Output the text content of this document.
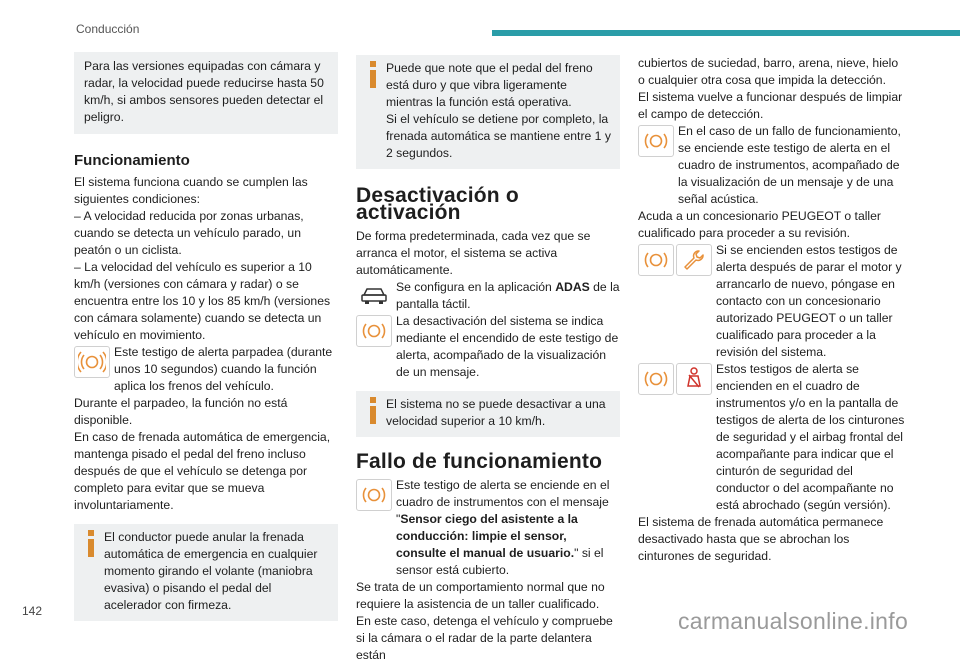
Conducción

Para las versiones equipadas con cámara y radar, la velocidad puede reducirse hasta 50 km/h, si ambos sensores pueden detectar el peligro.

Funcionamiento

El sistema funciona cuando se cumplen las siguientes condiciones:

– A velocidad reducida por zonas urbanas, cuando se detecta un vehículo parado, un peatón o un ciclista.

– La velocidad del vehículo es superior a 10 km/h (versiones con cámara y radar) o se encuentra entre los 10 y los 85 km/h (versiones con cámara solamente) cuando se detecta un vehículo en movimiento.

Este testigo de alerta parpadea (durante unos 10 segundos) cuando la función aplica los frenos del vehículo.

Durante el parpadeo, la función no está disponible.

En caso de frenada automática de emergencia, mantenga pisado el pedal del freno incluso después de que el vehículo se detenga por completo para evitar que se mueva involuntariamente.

El conductor puede anular la frenada automática de emergencia en cualquier momento girando el volante (maniobra evasiva) o pisando el pedal del acelerador con firmeza.

Puede que note que el pedal del freno está duro y que vibra ligeramente mientras la función está operativa.

Si el vehículo se detiene por completo, la frenada automática se mantiene entre 1 y 2 segundos.

Desactivación o activación

De forma predeterminada, cada vez que se arranca el motor, el sistema se activa automáticamente.

Se configura en la aplicación ADAS de la pantalla táctil.

La desactivación del sistema se indica mediante el encendido de este testigo de alerta, acompañado de la visualización de un mensaje.

El sistema no se puede desactivar a una velocidad superior a 10 km/h.

Fallo de funcionamiento

Este testigo de alerta se enciende en el cuadro de instrumentos con el mensaje "Sensor ciego del asistente a la conducción: limpie el sensor, consulte el manual de usuario." si el sensor está cubierto.

Se trata de un comportamiento normal que no requiere la asistencia de un taller cualificado.

En este caso, detenga el vehículo y compruebe si la cámara o el radar de la parte delantera están

cubiertos de suciedad, barro, arena, nieve, hielo o cualquier otra cosa que impida la detección.

El sistema vuelve a funcionar después de limpiar el campo de detección.

En el caso de un fallo de funcionamiento, se enciende este testigo de alerta en el cuadro de instrumentos, acompañado de la visualización de un mensaje y de una señal acústica.

Acuda a un concesionario PEUGEOT o taller cualificado para proceder a su revisión.

Si se encienden estos testigos de alerta después de parar el motor y arrancarlo de nuevo, póngase en contacto con un concesionario autorizado PEUGEOT o un taller cualificado para proceder a la revisión del sistema.

Estos testigos de alerta se encienden en el cuadro de instrumentos y/o en la pantalla de testigos de alerta de los cinturones de seguridad y el airbag frontal del acompañante para indicar que el cinturón de seguridad del conductor o del acompañante no está abrochado (según versión).

El sistema de frenada automática permanece desactivado hasta que se abrochan los cinturones de seguridad.

142	carmanualsonline.info
